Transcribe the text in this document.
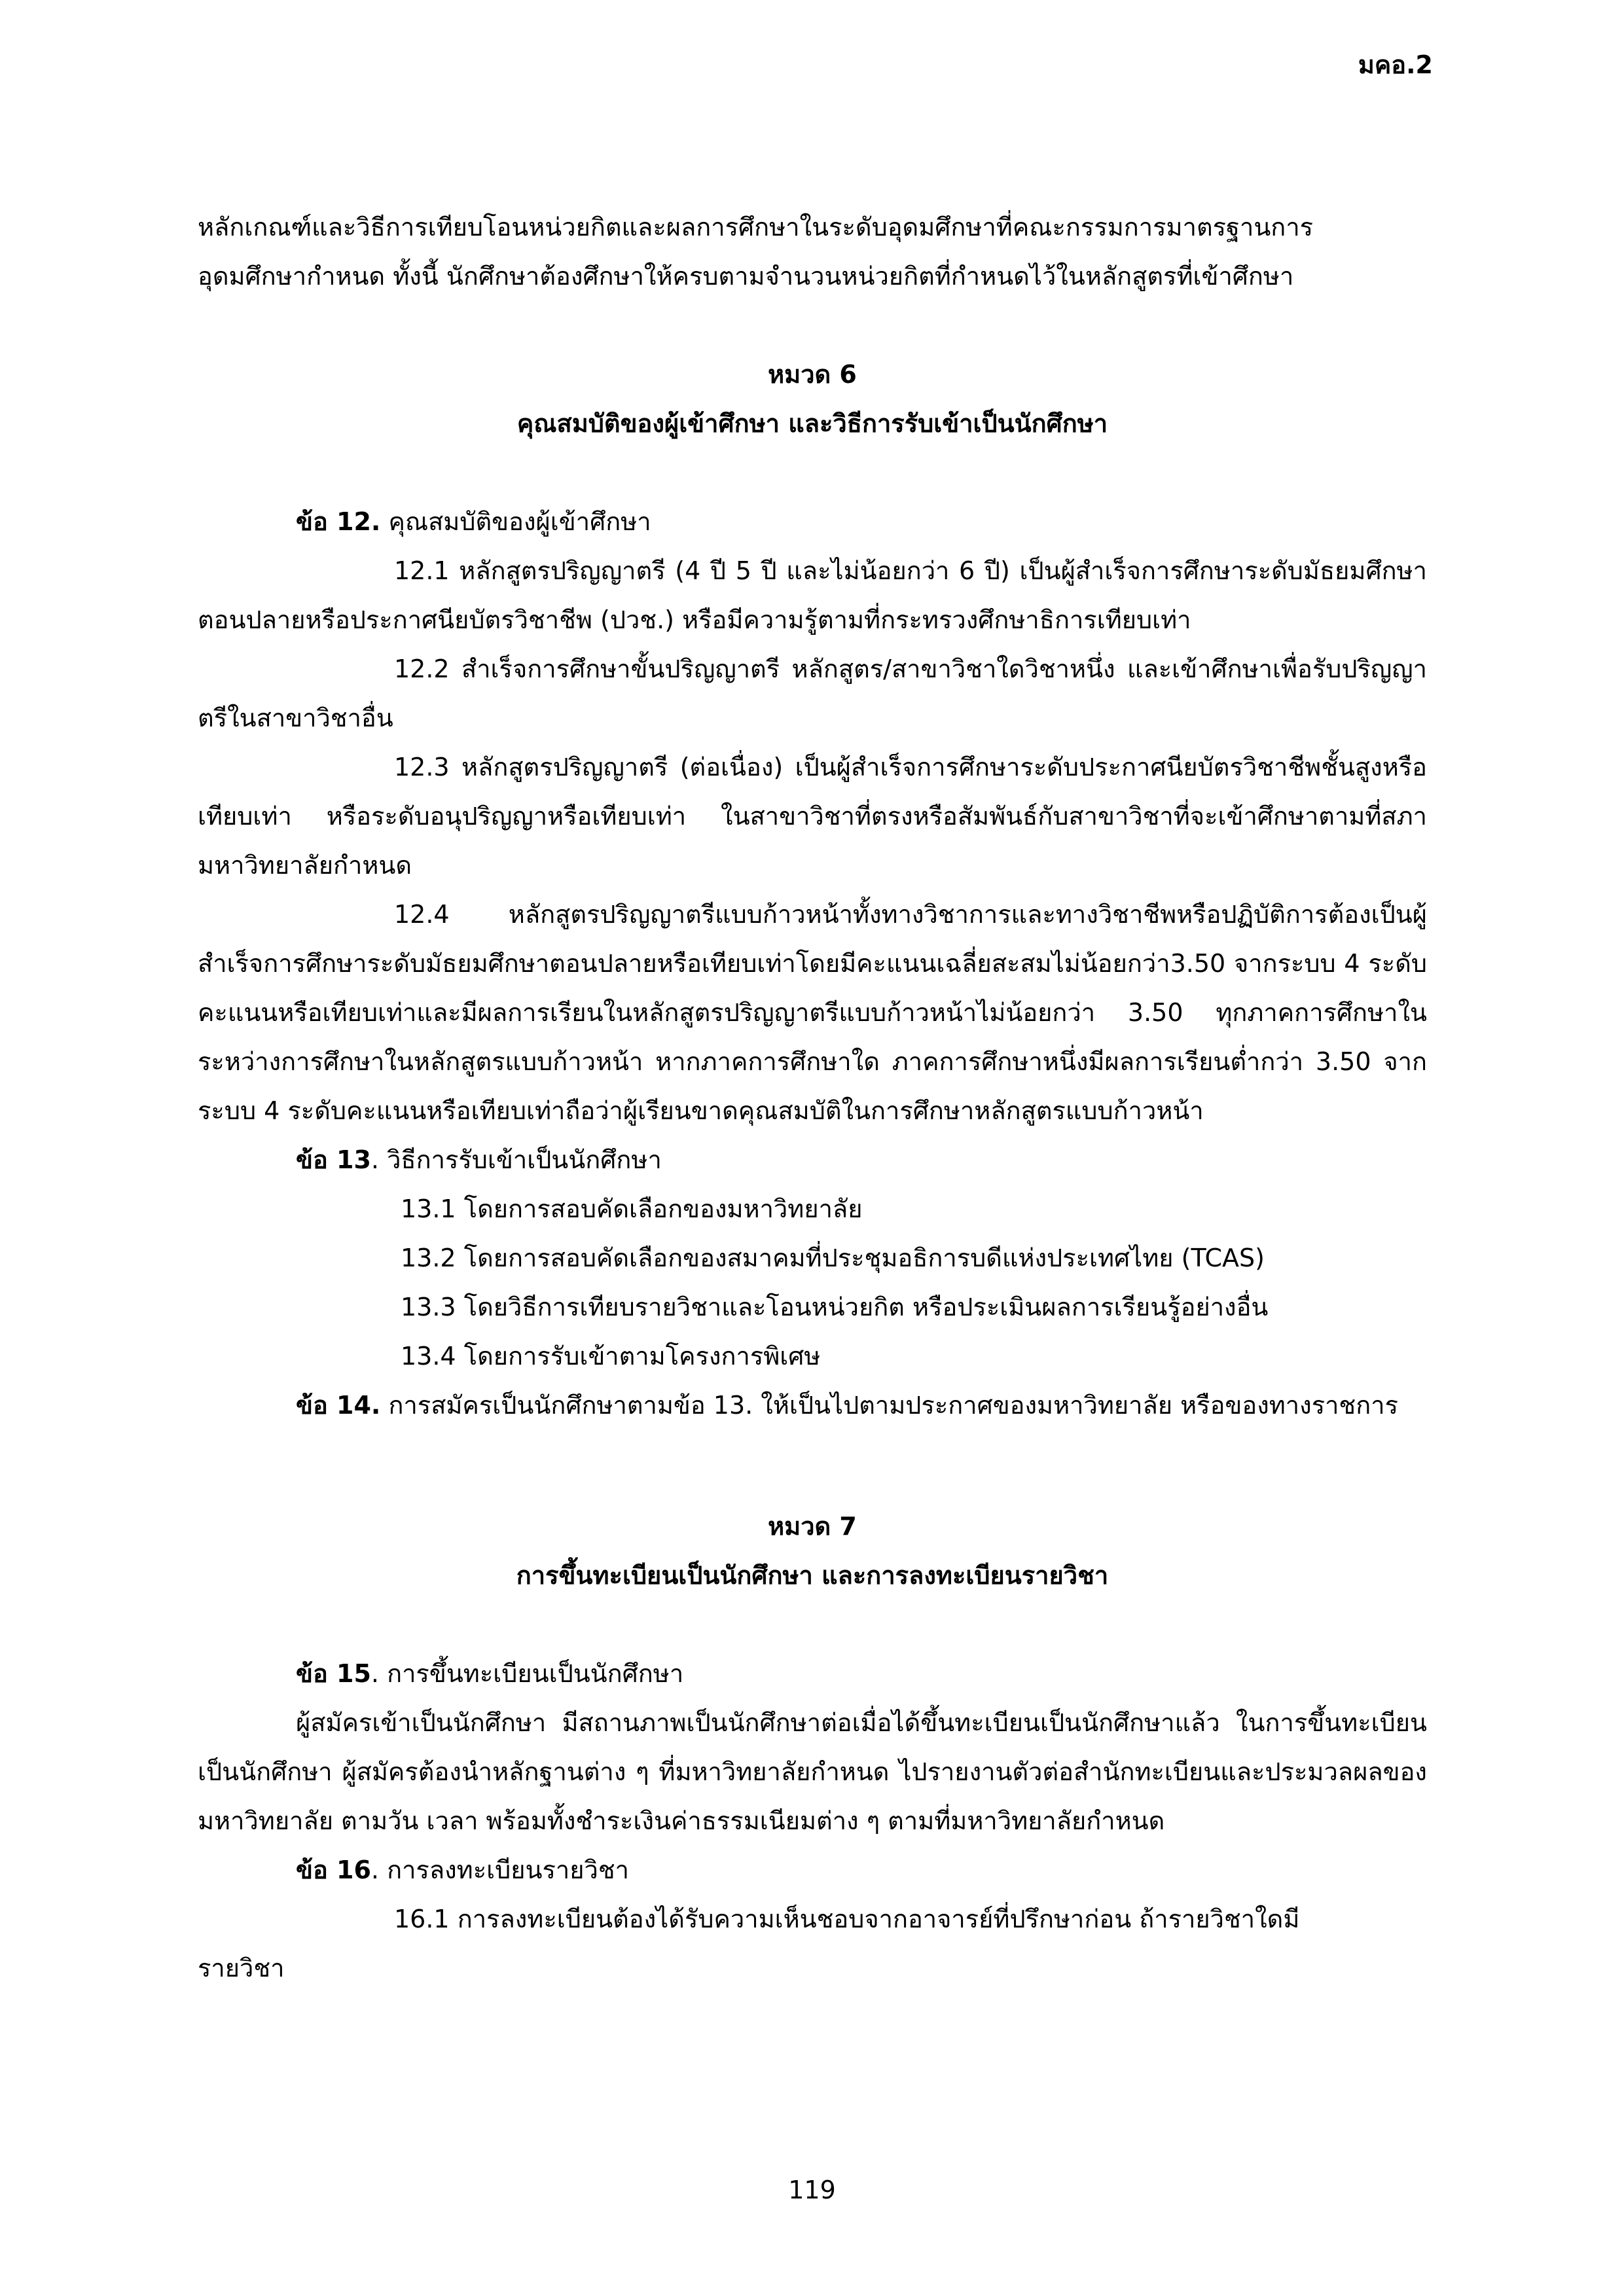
มคอ.2

หลักเกณฑ์และวิธีการเทียบโอนหน่วยกิตและผลการศึกษาในระดับอุดมศึกษาที่คณะกรรมการมาตรฐานการ

อุดมศึกษากำหนด ทั้งนี้ นักศึกษาต้องศึกษาให้ครบตามจำนวนหน่วยกิตที่กำหนดไว้ในหลักสูตรที่เข้าศึกษา

หมวด 6

คุณสมบัติของผู้เข้าศึกษา และวิธีการรับเข้าเป็นนักศึกษา

ข้อ 12. คุณสมบัติของผู้เข้าศึกษา

12.1 หลักสูตรปริญญาตรี (4 ปี 5 ปี และไม่น้อยกว่า 6 ปี) เป็นผู้สำเร็จการศึกษาระดับมัธยมศึกษาตอนปลายหรือประกาศนียบัตรวิชาชีพ (ปวช.) หรือมีความรู้ตามที่กระทรวงศึกษาธิการเทียบเท่า

12.2 สำเร็จการศึกษาขั้นปริญญาตรี หลักสูตร/สาขาวิชาใดวิชาหนึ่ง และเข้าศึกษาเพื่อรับปริญญาตรีในสาขาวิชาอื่น

12.3 หลักสูตรปริญญาตรี (ต่อเนื่อง) เป็นผู้สำเร็จการศึกษาระดับประกาศนียบัตรวิชาชีพชั้นสูงหรือเทียบเท่า หรือระดับอนุปริญญาหรือเทียบเท่า ในสาขาวิชาที่ตรงหรือสัมพันธ์กับสาขาวิชาที่จะเข้าศึกษาตามที่สภามหาวิทยาลัยกำหนด

12.4 หลักสูตรปริญญาตรีแบบก้าวหน้าทั้งทางวิชาการและทางวิชาชีพหรือปฏิบัติการต้องเป็นผู้สำเร็จการศึกษาระดับมัธยมศึกษาตอนปลายหรือเทียบเท่าโดยมีคะแนนเฉลี่ยสะสมไม่น้อยกว่า3.50 จากระบบ 4 ระดับคะแนนหรือเทียบเท่าและมีผลการเรียนในหลักสูตรปริญญาตรีแบบก้าวหน้าไม่น้อยกว่า 3.50 ทุกภาคการศึกษาในระหว่างการศึกษาในหลักสูตรแบบก้าวหน้า หากภาคการศึกษาใด ภาคการศึกษาหนึ่งมีผลการเรียนต่ำกว่า 3.50 จากระบบ 4 ระดับคะแนนหรือเทียบเท่าถือว่าผู้เรียนขาดคุณสมบัติในการศึกษาหลักสูตรแบบก้าวหน้า

ข้อ 13. วิธีการรับเข้าเป็นนักศึกษา

13.1 โดยการสอบคัดเลือกของมหาวิทยาลัย

13.2 โดยการสอบคัดเลือกของสมาคมที่ประชุมอธิการบดีแห่งประเทศไทย (TCAS)

13.3 โดยวิธีการเทียบรายวิชาและโอนหน่วยกิต หรือประเมินผลการเรียนรู้อย่างอื่น

13.4 โดยการรับเข้าตามโครงการพิเศษ

ข้อ 14. การสมัครเป็นนักศึกษาตามข้อ 13. ให้เป็นไปตามประกาศของมหาวิทยาลัย หรือของทางราชการ

หมวด 7

การขึ้นทะเบียนเป็นนักศึกษา และการลงทะเบียนรายวิชา

ข้อ 15. การขึ้นทะเบียนเป็นนักศึกษา

ผู้สมัครเข้าเป็นนักศึกษา มีสถานภาพเป็นนักศึกษาต่อเมื่อได้ขึ้นทะเบียนเป็นนักศึกษาแล้ว ในการขึ้นทะเบียนเป็นนักศึกษา ผู้สมัครต้องนำหลักฐานต่าง ๆ ที่มหาวิทยาลัยกำหนด ไปรายงานตัวต่อสำนักทะเบียนและประมวลผลของมหาวิทยาลัย ตามวัน เวลา พร้อมทั้งชำระเงินค่าธรรมเนียมต่าง ๆ ตามที่มหาวิทยาลัยกำหนด

ข้อ 16. การลงทะเบียนรายวิชา

16.1 การลงทะเบียนต้องได้รับความเห็นชอบจากอาจารย์ที่ปรึกษาก่อน ถ้ารายวิชาใดมี

รายวิชา

119
